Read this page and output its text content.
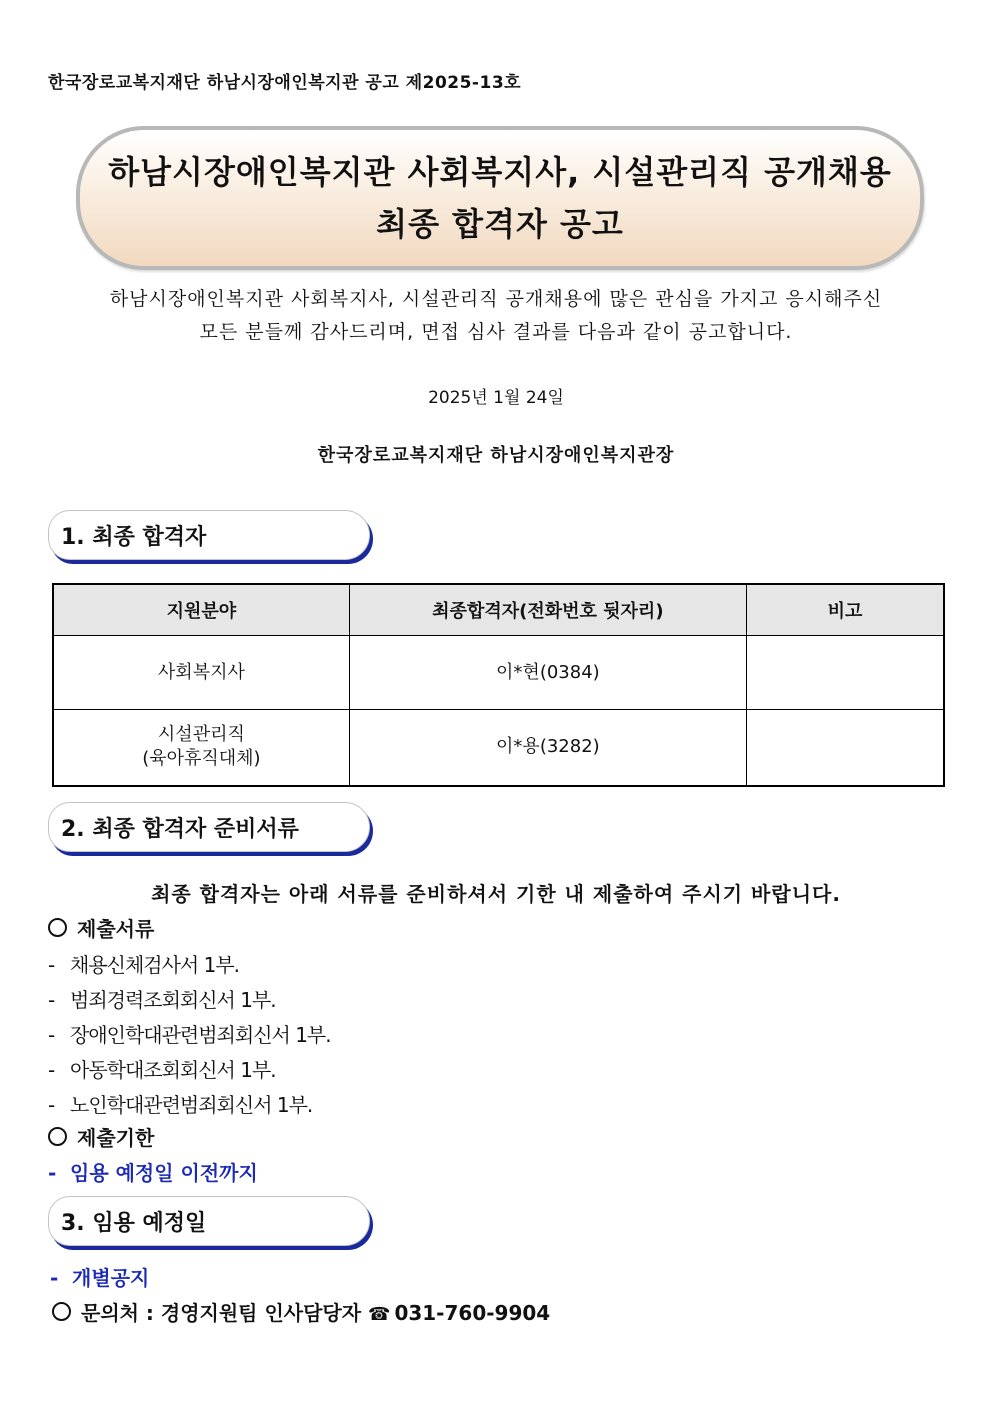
한국장로교복지재단 하남시장애인복지관 공고 제2025-13호
하남시장애인복지관 사회복지사, 시설관리직 공개채용
최종 합격자 공고
하남시장애인복지관 사회복지사, 시설관리직 공개채용에 많은 관심을 가지고 응시해주신
모든 분들께 감사드리며, 면접 심사 결과를 다음과 같이 공고합니다.
2025년 1월 24일
한국장로교복지재단 하남시장애인복지관장
1. 최종 합격자
지원분야	최종합격자(전화번호 뒷자리)	비고

사회복지사	이*현(0384)	

시설관리직
(육아휴직대체)	이*용(3282)	
2. 최종 합격자 준비서류
최종 합격자는 아래 서류를 준비하셔서 기한 내 제출하여 주시기 바랍니다.
제출서류
- 채용신체검사서 1부.
- 범죄경력조회회신서 1부.
- 장애인학대관련범죄회신서 1부.
- 아동학대조회회신서 1부.
- 노인학대관련범죄회신서 1부.
제출기한
- 임용 예정일 이전까지
3. 임용 예정일
- 개별공지
문의처 : 경영지원팀 인사담당자 ☎ 031-760-9904
